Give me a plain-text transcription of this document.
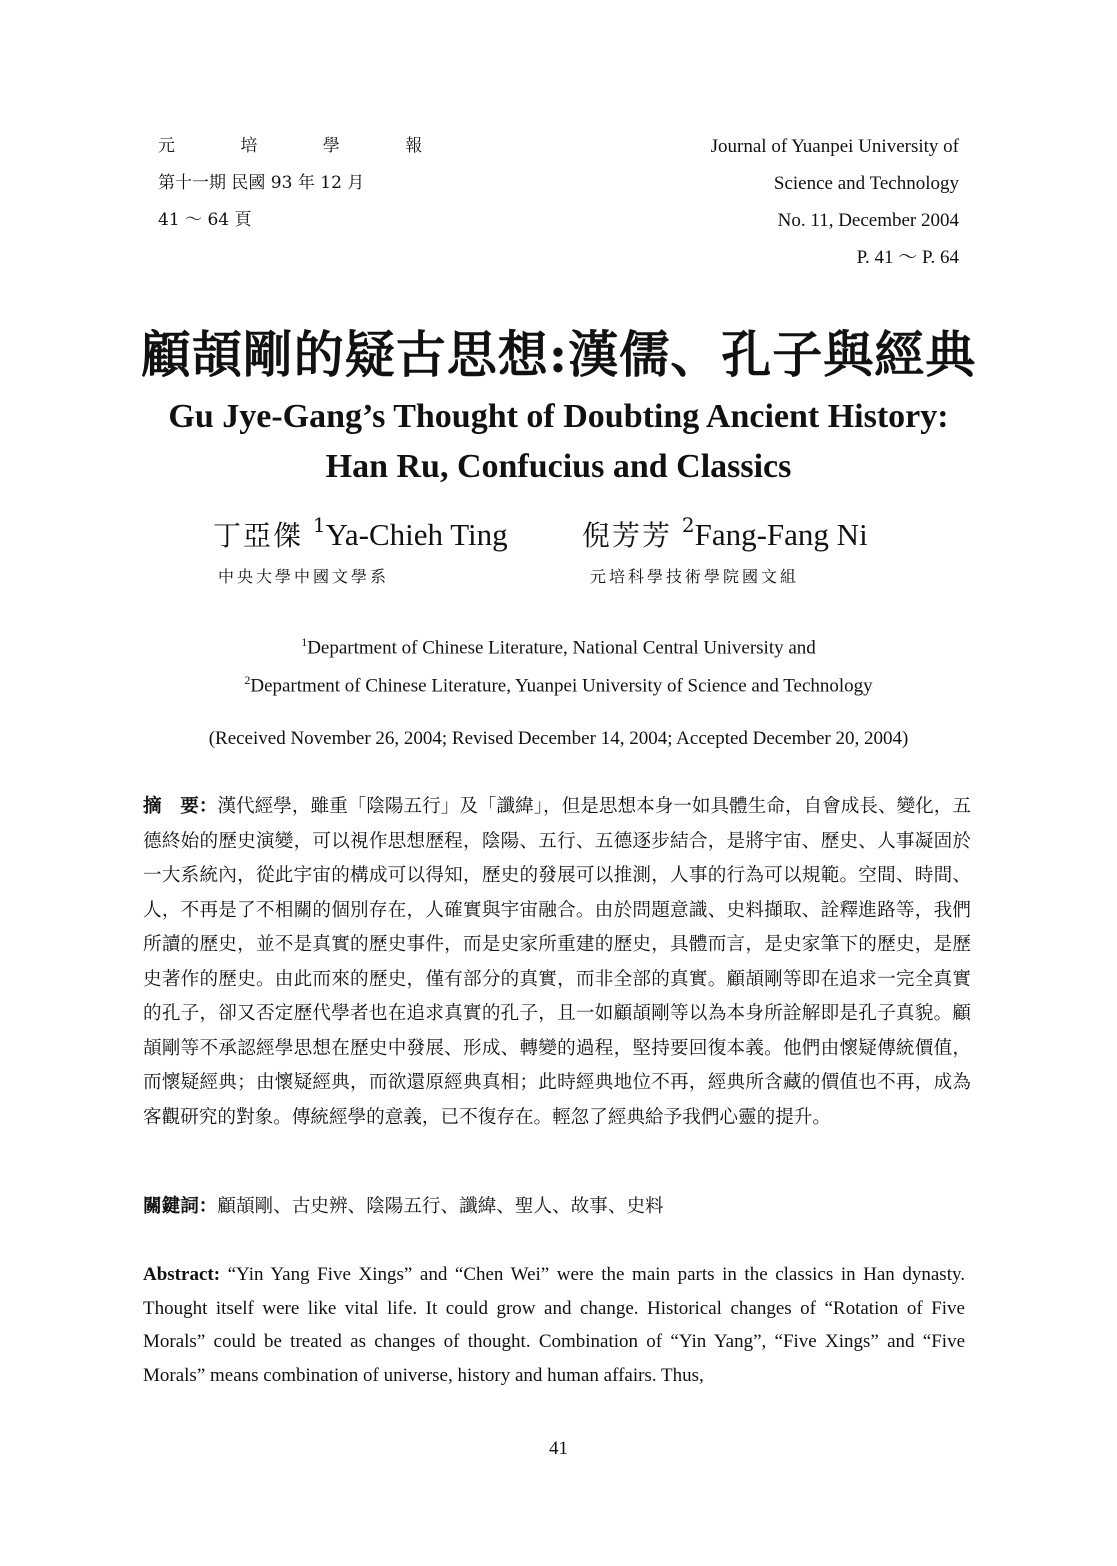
元 培 學 報
第十一期 民國 93 年 12 月
41 ～ 64 頁
Journal of Yuanpei University of
Science and Technology
No. 11, December 2004
P. 41 ～ P. 64
顧頡剛的疑古思想:漢儒、孔子與經典
Gu Jye-Gang’s Thought of Doubting Ancient History: Han Ru, Confucius and Classics
丁亞傑 $^1$Ya-Chieh Ting	倪芳芳 $^2$Fang-Fang Ni
中央大學中國文學系	元培科學技術學院國文組
$^1$Department of Chinese Literature, National Central University and
$^2$Department of Chinese Literature, Yuanpei University of Science and Technology
(Received November 26, 2004; Revised December 14, 2004; Accepted December 20, 2004)
摘　要：漢代經學，雖重「陰陽五行」及「讖緯」，但是思想本身一如具體生命，自會成長、變化，五德終始的歷史演變，可以視作思想歷程，陰陽、五行、五德逐步結合，是將宇宙、歷史、人事凝固於一大系統內，從此宇宙的構成可以得知，歷史的發展可以推測，人事的行為可以規範。空間、時間、人，不再是了不相關的個別存在，人確實與宇宙融合。由於問題意識、史料擷取、詮釋進路等，我們所讀的歷史，並不是真實的歷史事件，而是史家所重建的歷史，具體而言，是史家筆下的歷史，是歷史著作的歷史。由此而來的歷史，僅有部分的真實，而非全部的真實。顧頡剛等即在追求一完全真實的孔子，卻又否定歷代學者也在追求真實的孔子，且一如顧頡剛等以為本身所詮解即是孔子真貌。顧頡剛等不承認經學思想在歷史中發展、形成、轉變的過程，堅持要回復本義。他們由懷疑傳統價值，而懷疑經典；由懷疑經典，而欲還原經典真相；此時經典地位不再，經典所含藏的價值也不再，成為客觀研究的對象。傳統經學的意義，已不復存在。輕忽了經典給予我們心靈的提升。
關鍵詞：顧頡剛、古史辨、陰陽五行、讖緯、聖人、故事、史料
Abstract: “Yin Yang Five Xings” and “Chen Wei” were the main parts in the classics in Han dynasty. Thought itself were like vital life. It could grow and change. Historical changes of “Rotation of Five Morals” could be treated as changes of thought. Combination of “Yin Yang”, “Five Xings” and “Five Morals” means combination of universe, history and human affairs. Thus,
41
